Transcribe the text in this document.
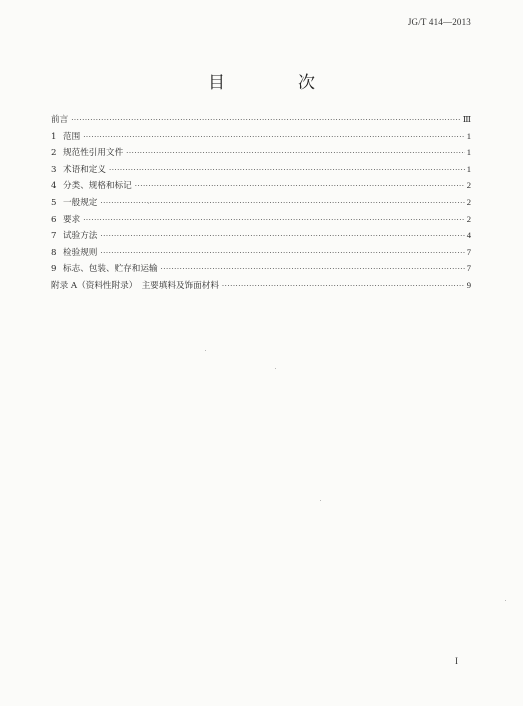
JG/T 414—2013
目　次
前言 ·····	Ⅲ
1 范围 ·····	1
2 规范性引用文件 ·····	1
3 术语和定义 ·····	1
4 分类、规格和标记 ·····	2
5 一般规定 ·····	2
6 要求 ·····	2
7 试验方法 ·····	4
8 检验规则 ·····	7
9 标志、包装、贮存和运输 ·····	7
附录 A（资料性附录）　主要填料及饰面材料 ·····	9
I
